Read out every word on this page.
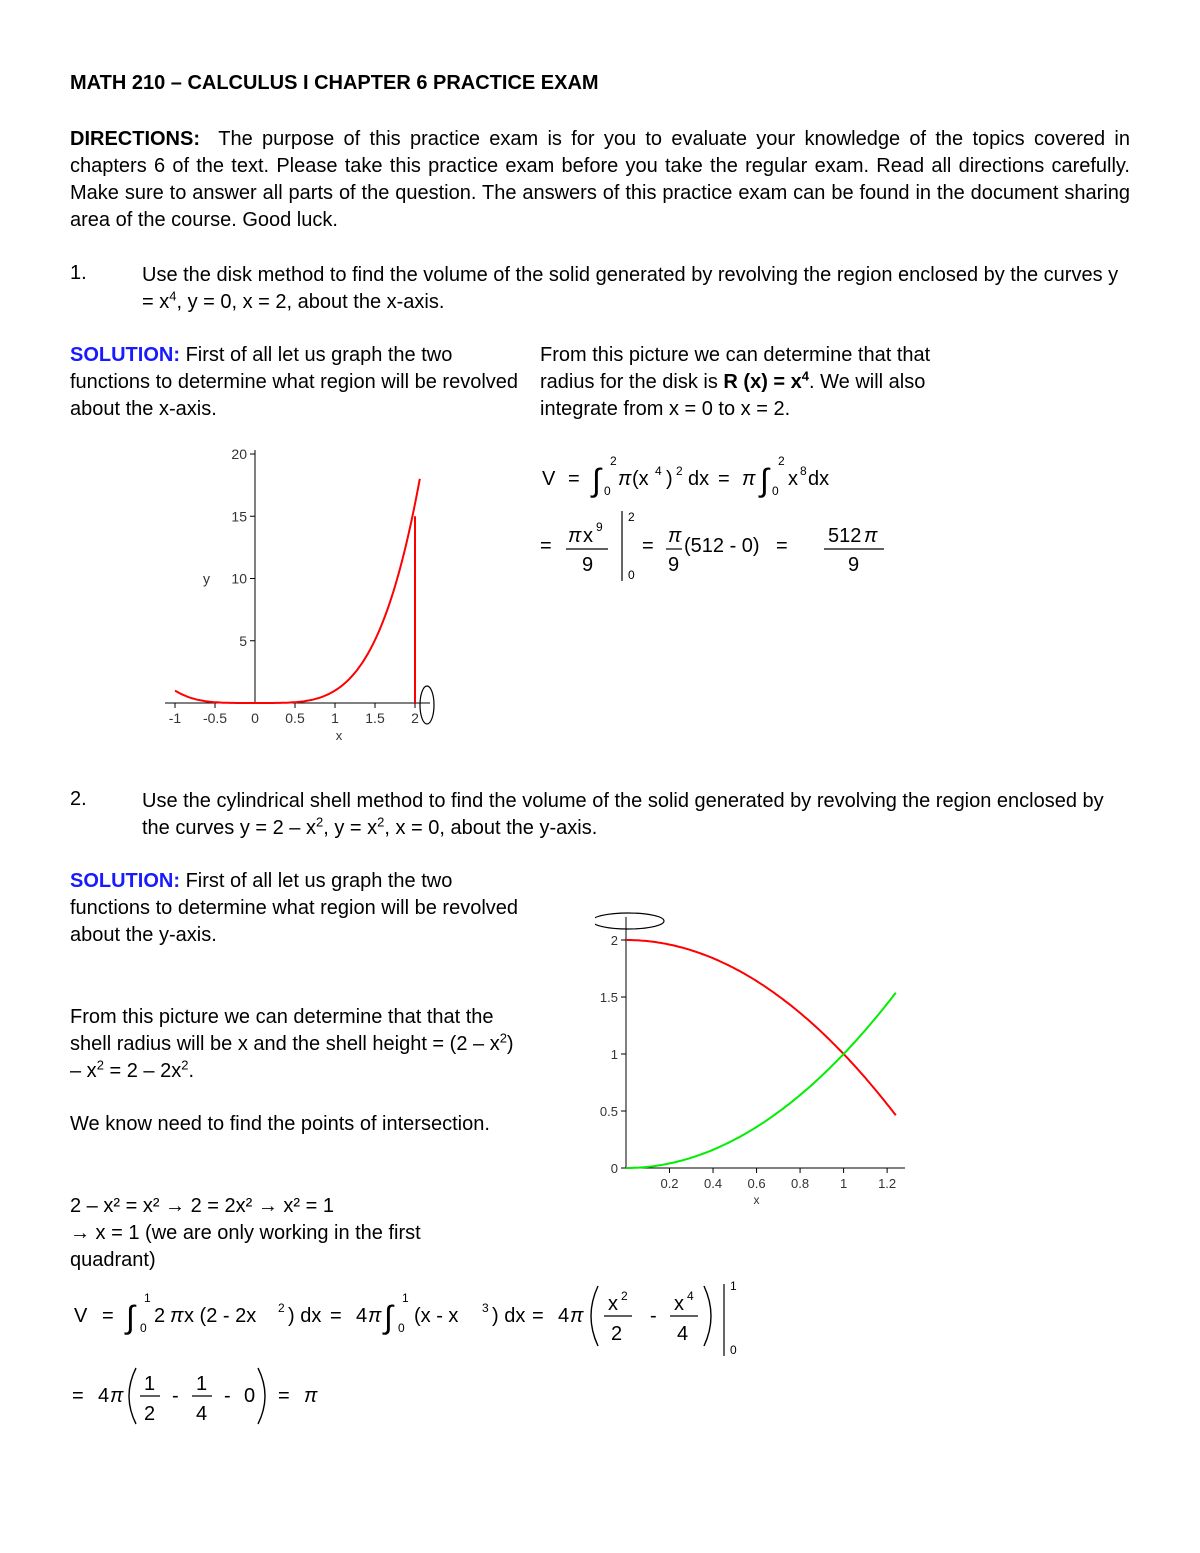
MATH 210 – CALCULUS I CHAPTER 6 PRACTICE EXAM
DIRECTIONS: The purpose of this practice exam is for you to evaluate your knowledge of the topics covered in chapters 6 of the text. Please take this practice exam before you take the regular exam. Read all directions carefully. Make sure to answer all parts of the question. The answers of this practice exam can be found in the document sharing area of the course. Good luck.
1.	Use the disk method to find the volume of the solid generated by revolving the region enclosed by the curves $y = x^4$, y = 0, x = 2, about the x-axis.
SOLUTION: First of all let us graph the two functions to determine what region will be revolved about the x-axis.
From this picture we can determine that that radius for the disk is R $(x) = x^4$. We will also integrate from x = 0 to x = 2.
V = ∫
2
0
π (x 4 ) 2 dx = π ∫
2
0
x 8 dx
= π x 9
9
2
0
= π
9
(512 - 0) = 512 π
9
5
10
15
20
y
-1 -0.5 0 0.5 1 1.5 2
x
2.	Use the cylindrical shell method to find the volume of the solid generated by revolving the region enclosed by the curves $y = 2 - x^2$, $y = x^2$, x = 0, about the y-axis.
SOLUTION: First of all let us graph the two functions to determine what region will be revolved about the y-axis.
From this picture we can determine that that the shell radius will be x and the shell height = $(2 - x^2) - x^2 = 2 - 2x^2$.
We know need to find the points of intersection.
2 – x² = x² → 2 = 2x² → x² = 1
→ x = 1 (we are only working in the first
quadrant)
0
0.5
1
1.5
2
0.2 0.4 0.6 0.8 1 1.2
x
V = ∫
1
0
2 π x (2 - 2x 2 ) dx = 4 π ∫
1
0
(x - x 3 ) dx = 4 π
x 2
2
-
x 4
4
1
0
= 4 π
1
2
-
1
4
- 0 = π
